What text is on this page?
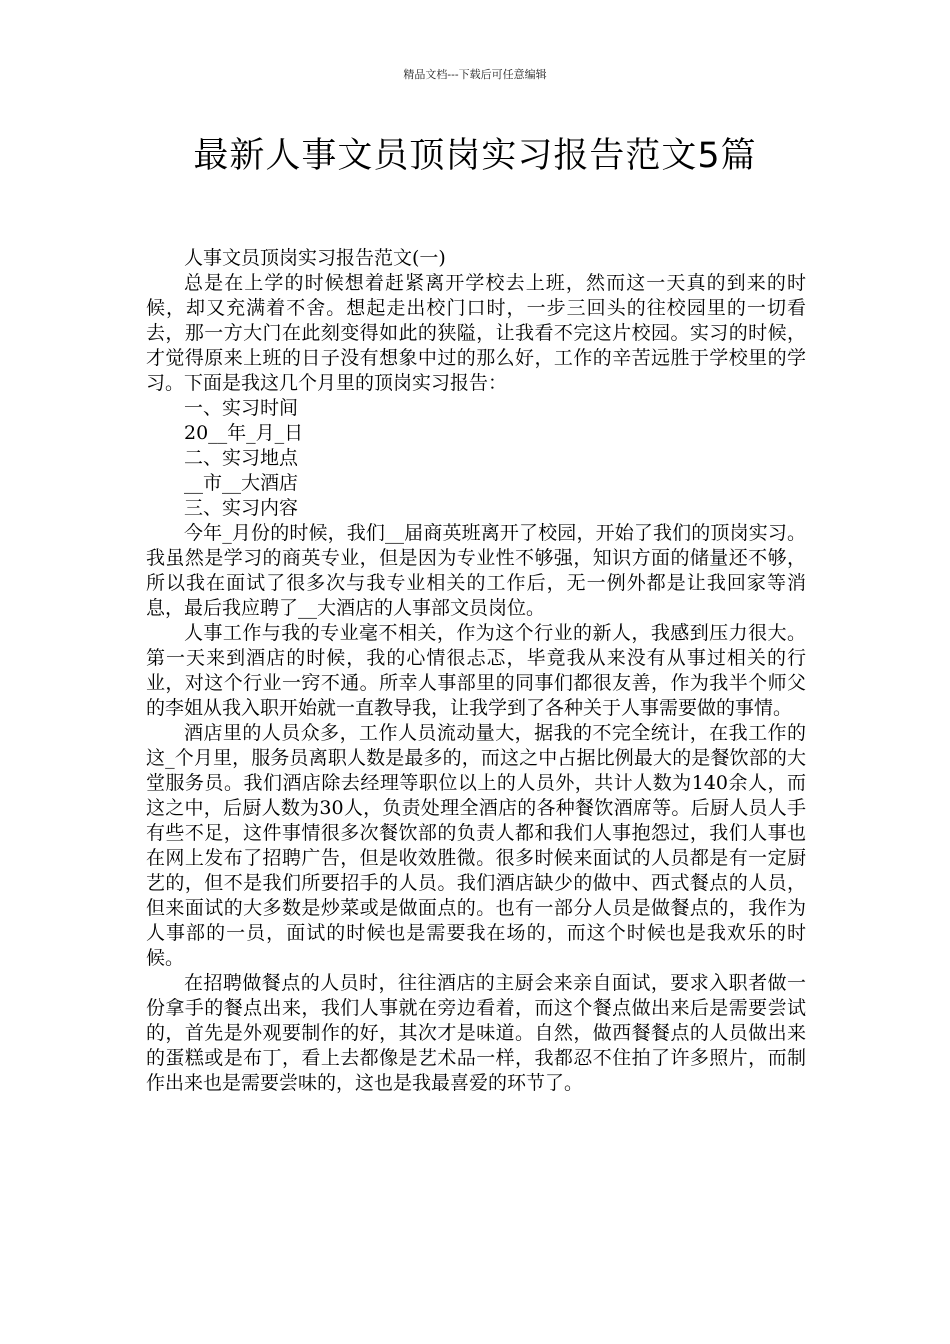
精品文档---下载后可任意编辑
最新人事文员顶岗实习报告范文5篇

人事文员顶岗实习报告范文(一)

总是在上学的时候想着赶紧离开学校去上班，然而这一天真的到来的时候，却又充满着不舍。想起走出校门口时，一步三回头的往校园里的一切看去，那一方大门在此刻变得如此的狭隘，让我看不完这片校园。实习的时候，才觉得原来上班的日子没有想象中过的那么好，工作的辛苦远胜于学校里的学习。下面是我这几个月里的顶岗实习报告：

一、实习时间

20__年_月_日

二、实习地点

__市__大酒店

三、实习内容

今年_月份的时候，我们__届商英班离开了校园，开始了我们的顶岗实习。我虽然是学习的商英专业，但是因为专业性不够强，知识方面的储量还不够，所以我在面试了很多次与我专业相关的工作后，无一例外都是让我回家等消息，最后我应聘了__大酒店的人事部文员岗位。

人事工作与我的专业毫不相关，作为这个行业的新人，我感到压力很大。第一天来到酒店的时候，我的心情很忐忑，毕竟我从来没有从事过相关的行业，对这个行业一窍不通。所幸人事部里的同事们都很友善，作为我半个师父的李姐从我入职开始就一直教导我，让我学到了各种关于人事需要做的事情。

酒店里的人员众多，工作人员流动量大，据我的不完全统计，在我工作的这_个月里，服务员离职人数是最多的，而这之中占据比例最大的是餐饮部的大堂服务员。我们酒店除去经理等职位以上的人员外，共计人数为140余人，而这之中，后厨人数为30人，负责处理全酒店的各种餐饮酒席等。后厨人员人手有些不足，这件事情很多次餐饮部的负责人都和我们人事抱怨过，我们人事也在网上发布了招聘广告，但是收效胜微。很多时候来面试的人员都是有一定厨艺的，但不是我们所要招手的人员。我们酒店缺少的做中、西式餐点的人员，但来面试的大多数是炒菜或是做面点的。也有一部分人员是做餐点的，我作为人事部的一员，面试的时候也是需要我在场的，而这个时候也是我欢乐的时候。

在招聘做餐点的人员时，往往酒店的主厨会来亲自面试，要求入职者做一份拿手的餐点出来，我们人事就在旁边看着，而这个餐点做出来后是需要尝试的，首先是外观要制作的好，其次才是味道。自然，做西餐餐点的人员做出来的蛋糕或是布丁，看上去都像是艺术品一样，我都忍不住拍了许多照片，而制作出来也是需要尝味的，这也是我最喜爱的环节了。
